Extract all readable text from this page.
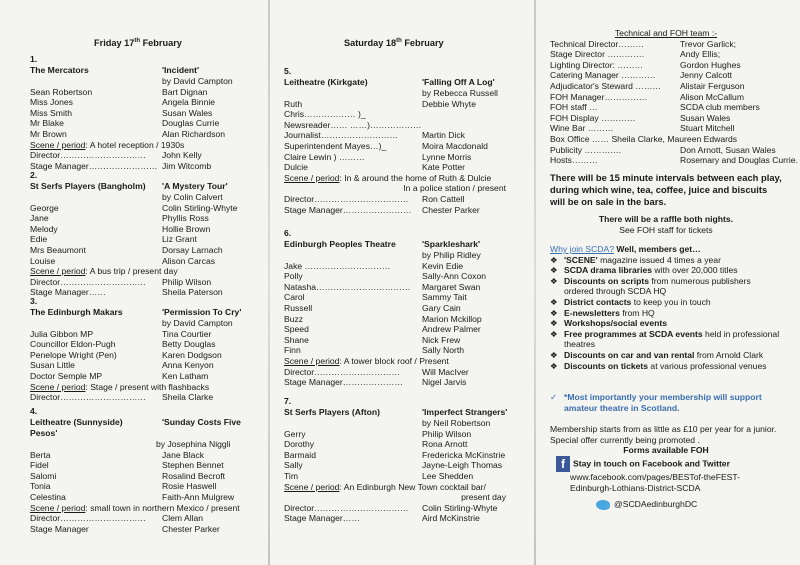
Friday 17th February
1.
The Mercators	'Incident'
by David Campton
Sean Robertson	Bart Dignan
Miss Jones	Angela Binnie
Miss Smith	Susan Wales
Mr Blake	Douglas Currie
Mr Brown	Alan Richardson
Scene / period: A hotel reception / 1930s
Director………………………… John Kelly
Stage Manager…………………… Jim Witcomb
2.
St Serfs Players (Bangholm) 'A Mystery Tour'
by Colin Calvert
George	Colin Stirling-Whyte
Jane	Phyllis Ross
Melody	Hollie Brown
Edie	Liz Grant
Mrs Beaumont	Dorsay Larnach
Louise	Alison Carcas
Scene / period: A bus trip / present day
Director………………………… Philip Wilson
Stage Manager……	Sheila Paterson
3.
The Edinburgh Makars	'Permission To Cry'
by David Campton
Julia Gibbon MP	Tina Courtier
Councillor Eldon-Pugh	Betty Douglas
Penelope Wright (Pen)	Karen Dodgson
Susan Little	Anna Kenyon
Doctor Semple MP	Ken Latham
Scene / period: Stage / present with flashbacks
Director………………………… Sheila Clarke
4.
Leitheatre (Sunnyside)	'Sunday Costs Five
Pesos'
by Josephina Niggli
Berta	Jane Black
Fidel	Stephen Bennet
Salomi	Rosalind Becroft
Tonia	Rosie Haswell
Celestina	Faith-Ann Mulgrew
Scene / period: small town in northern Mexico / present
Director………………………… Clem Allan
Stage Manager	Chester Parker
Saturday 18th February
5.
Leitheatre (Kirkgate)	'Falling Off A Log'
by Rebecca Russell
Ruth	Debbie Whyte
Chris……………… )_
Newsreader…… ……)………………
Journalist………………………	Martin Dick
Superintendent Mayes…)_	Moira Macdonald
Claire Lewin ) ………	Lynne Morris
Dulcie	Kate Potter
Scene / period: In & around the home of Ruth & Dulcie
In a police station / present
Director…………………………… Ron Cattell
Stage Manager…………………… Chester Parker
6.
Edinburgh Peoples Theatre	'Sparkleshark'
by Philip Ridley
Jake …………………………	Kevin Edie
Polly	Sally-Ann Coxon
Natasha…………………………… Margaret Swan
Carol	Sammy Tait
Russell	Gary Cain
Buzz	Marion Mckillop
Speed	Andrew Palmer
Shane	Nick Frew
Finn	Sally North
Scene / period: A tower block roof / Present
Director…………………………	Will MacIver
Stage Manager………………… Nigel Jarvis
7.
St Serfs Players (Afton)	'Imperfect Strangers'
by Neil Robertson
Gerry	Philip Wilson
Dorothy	Rona Arnott
Barmaid	Fredericka McKinstrie
Sally	Jayne-Leigh Thomas
Tim	Lee Shedden
Scene / period: An Edinburgh New Town cocktail bar/
present day
Director…………………………… Colin Stirling-Whyte
Stage Manager……	Aird McKinstrie
Technical and FOH team :-
Technical Director………	Trevor Garlick;
Stage Director ………….	Andy Ellis;
Lighting Director: ………	Gordon Hughes
Catering Manager …………	Jenny Calcott
Adjudicator's Steward ……… Alistair Ferguson
FOH Manager……………	Alison McCallum
FOH staff …	SCDA club members
FOH Display …………	Susan Wales
Wine Bar ………	Stuart Mitchell
Box Office …… Sheila Clarke, Maureen Edwards
Publicity ………….	Don Arnott, Susan Wales
Hosts………	Rosemary and Douglas Currie.
There will be 15 minute intervals between each play, during which wine, tea, coffee, juice and biscuits will be on sale in the bars.
There will be a raffle both nights.
See FOH staff for tickets
Why join SCDA? Well, members get…
❖ 'SCENE' magazine issued 4 times a year
❖ SCDA drama libraries with over 20,000 titles
❖ Discounts on scripts from numerous publishers ordered through SCDA HQ
❖ District contacts to keep you in touch
❖ E-newsletters from HQ
❖ Workshops/social events
❖ Free programmes at SCDA events held in professional theatres
❖ Discounts on car and van rental from Arnold Clark
❖ Discounts on tickets at various professional venues
✓ *Most importantly your membership will support amateur theatre in Scotland.
Membership starts from as little as £10 per year for a junior. Special offer currently being promoted .
Forms available FOH
f Stay in touch on Facebook and Twitter
www.facebook.com/pages/BESTof-theFEST-Edinburgh-Lothians-District-SCDA
@SCDAedinburghDC
